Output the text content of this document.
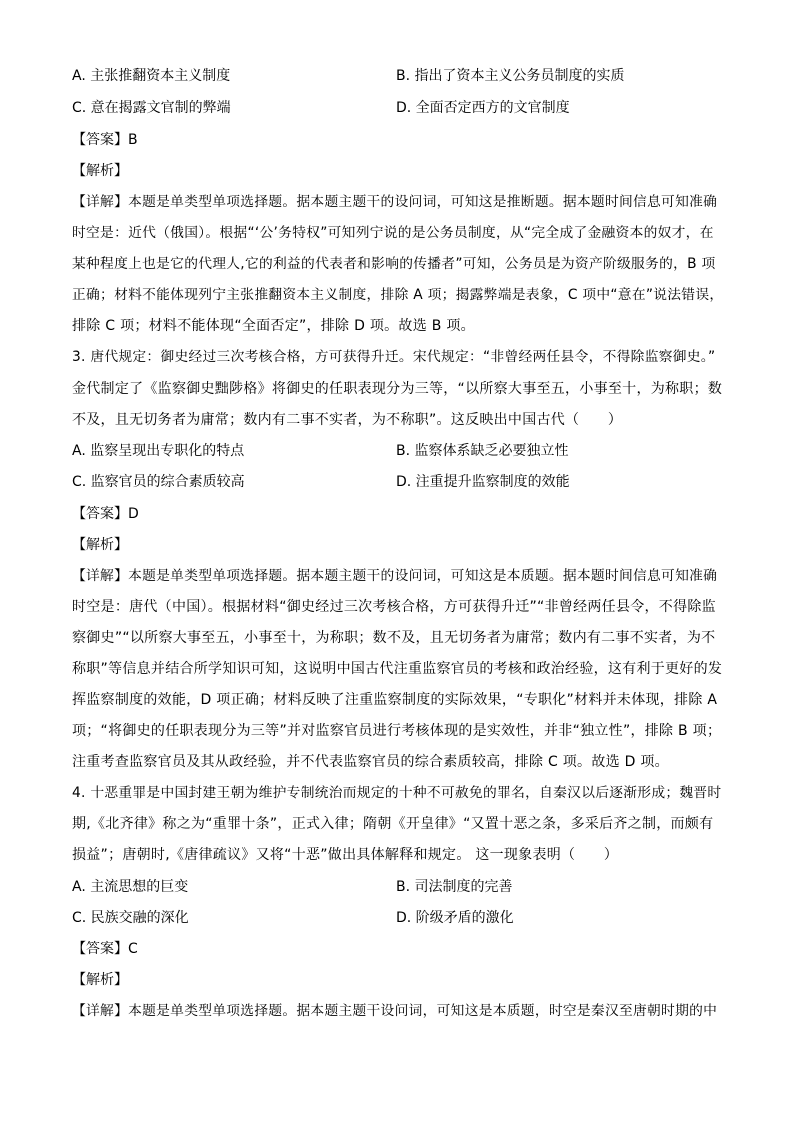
A. 主张推翻资本主义制度	B. 指出了资本主义公务员制度的实质
C. 意在揭露文官制的弊端	D. 全面否定西方的文官制度
【答案】B
【解析】
【详解】本题是单类型单项选择题。据本题主题干的设问词，可知这是推断题。据本题时间信息可知准确
时空是：近代（俄国）。根据“‘公’务特权”可知列宁说的是公务员制度，从“完全成了金融资本的奴才，在
某种程度上也是它的代理人,它的利益的代表者和影响的传播者”可知，公务员是为资产阶级服务的，B 项
正确；材料不能体现列宁主张推翻资本主义制度，排除 A 项；揭露弊端是表象，C 项中“意在”说法错误，
排除 C 项；材料不能体现“全面否定”，排除 D 项。故选 B 项。
3. 唐代规定：御史经过三次考核合格，方可获得升迁。宋代规定：“非曾经两任县令，不得除监察御史。”
金代制定了《监察御史黜陟格》将御史的任职表现分为三等，“以所察大事至五，小事至十，为称职；数
不及，且无切务者为庸常；数内有二事不实者，为不称职”。这反映出中国古代（　　）
A. 监察呈现出专职化的特点	B. 监察体系缺乏必要独立性
C. 监察官员的综合素质较高	D. 注重提升监察制度的效能
【答案】D
【解析】
【详解】本题是单类型单项选择题。据本题主题干的设问词，可知这是本质题。据本题时间信息可知准确
时空是：唐代（中国）。根据材料“御史经过三次考核合格，方可获得升迁”“非曾经两任县令，不得除监
察御史”“以所察大事至五，小事至十，为称职；数不及，且无切务者为庸常；数内有二事不实者，为不
称职”等信息并结合所学知识可知，这说明中国古代注重监察官员的考核和政治经验，这有利于更好的发
挥监察制度的效能，D 项正确；材料反映了注重监察制度的实际效果，“专职化”材料并未体现，排除 A
项；“将御史的任职表现分为三等”并对监察官员进行考核体现的是实效性，并非“独立性”，排除 B 项；
注重考查监察官员及其从政经验，并不代表监察官员的综合素质较高，排除 C 项。故选 D 项。
4. 十恶重罪是中国封建王朝为维护专制统治而规定的十种不可赦免的罪名，自秦汉以后逐渐形成；魏晋时
期,《北齐律》称之为“重罪十条”，正式入律；隋朝《开皇律》“又置十恶之条，多采后齐之制，而颇有
损益”；唐朝时,《唐律疏议》又将“十恶”做出具体解释和规定。 这一现象表明（　　）
A. 主流思想的巨变	B. 司法制度的完善
C. 民族交融的深化	D. 阶级矛盾的激化
【答案】C
【解析】
【详解】本题是单类型单项选择题。据本题主题干设问词，可知这是本质题，时空是秦汉至唐朝时期的中
